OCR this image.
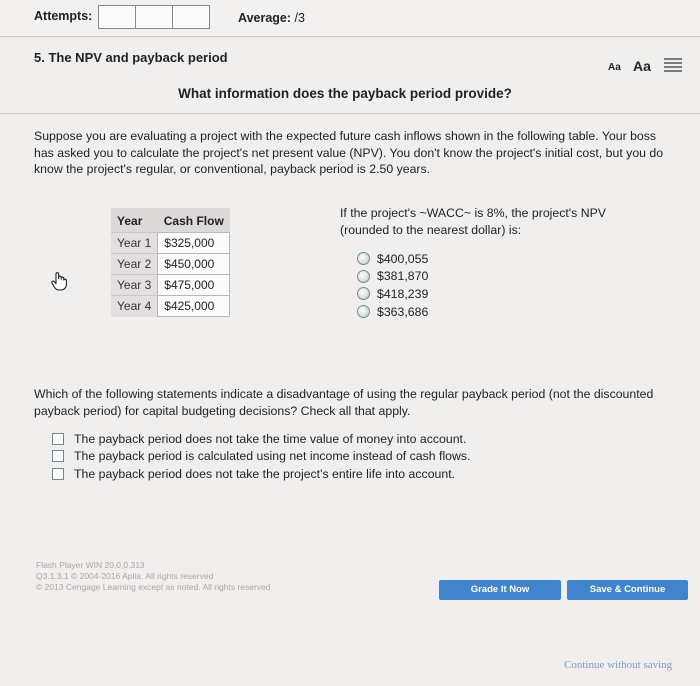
Attempts:	Average: /3
5. The NPV and payback period
Aa Aa
What information does the payback period provide?
Suppose you are evaluating a project with the expected future cash inflows shown in the following table. Your boss has asked you to calculate the project's net present value (NPV). You don't know the project's initial cost, but you do know the project's regular, or conventional, payback period is 2.50 years.
Year	Cash Flow
Year 1	$325,000
Year 2	$450,000
Year 3	$475,000
Year 4	$425,000
If the project's ~WACC~ is 8%, the project's NPV (rounded to the nearest dollar) is:
$400,055
$381,870
$418,239
$363,686
Which of the following statements indicate a disadvantage of using the regular payback period (not the discounted payback period) for capital budgeting decisions? Check all that apply.
The payback period does not take the time value of money into account.
The payback period is calculated using net income instead of cash flows.
The payback period does not take the project's entire life into account.
Flash Player WIN 20,0,0,313
Q3.1.3.1 © 2004-2016 Aplia. All rights reserved
© 2013 Cengage Learning except as noted. All rights reserved	Grade It Now	Save & Continue
Continue without saving
